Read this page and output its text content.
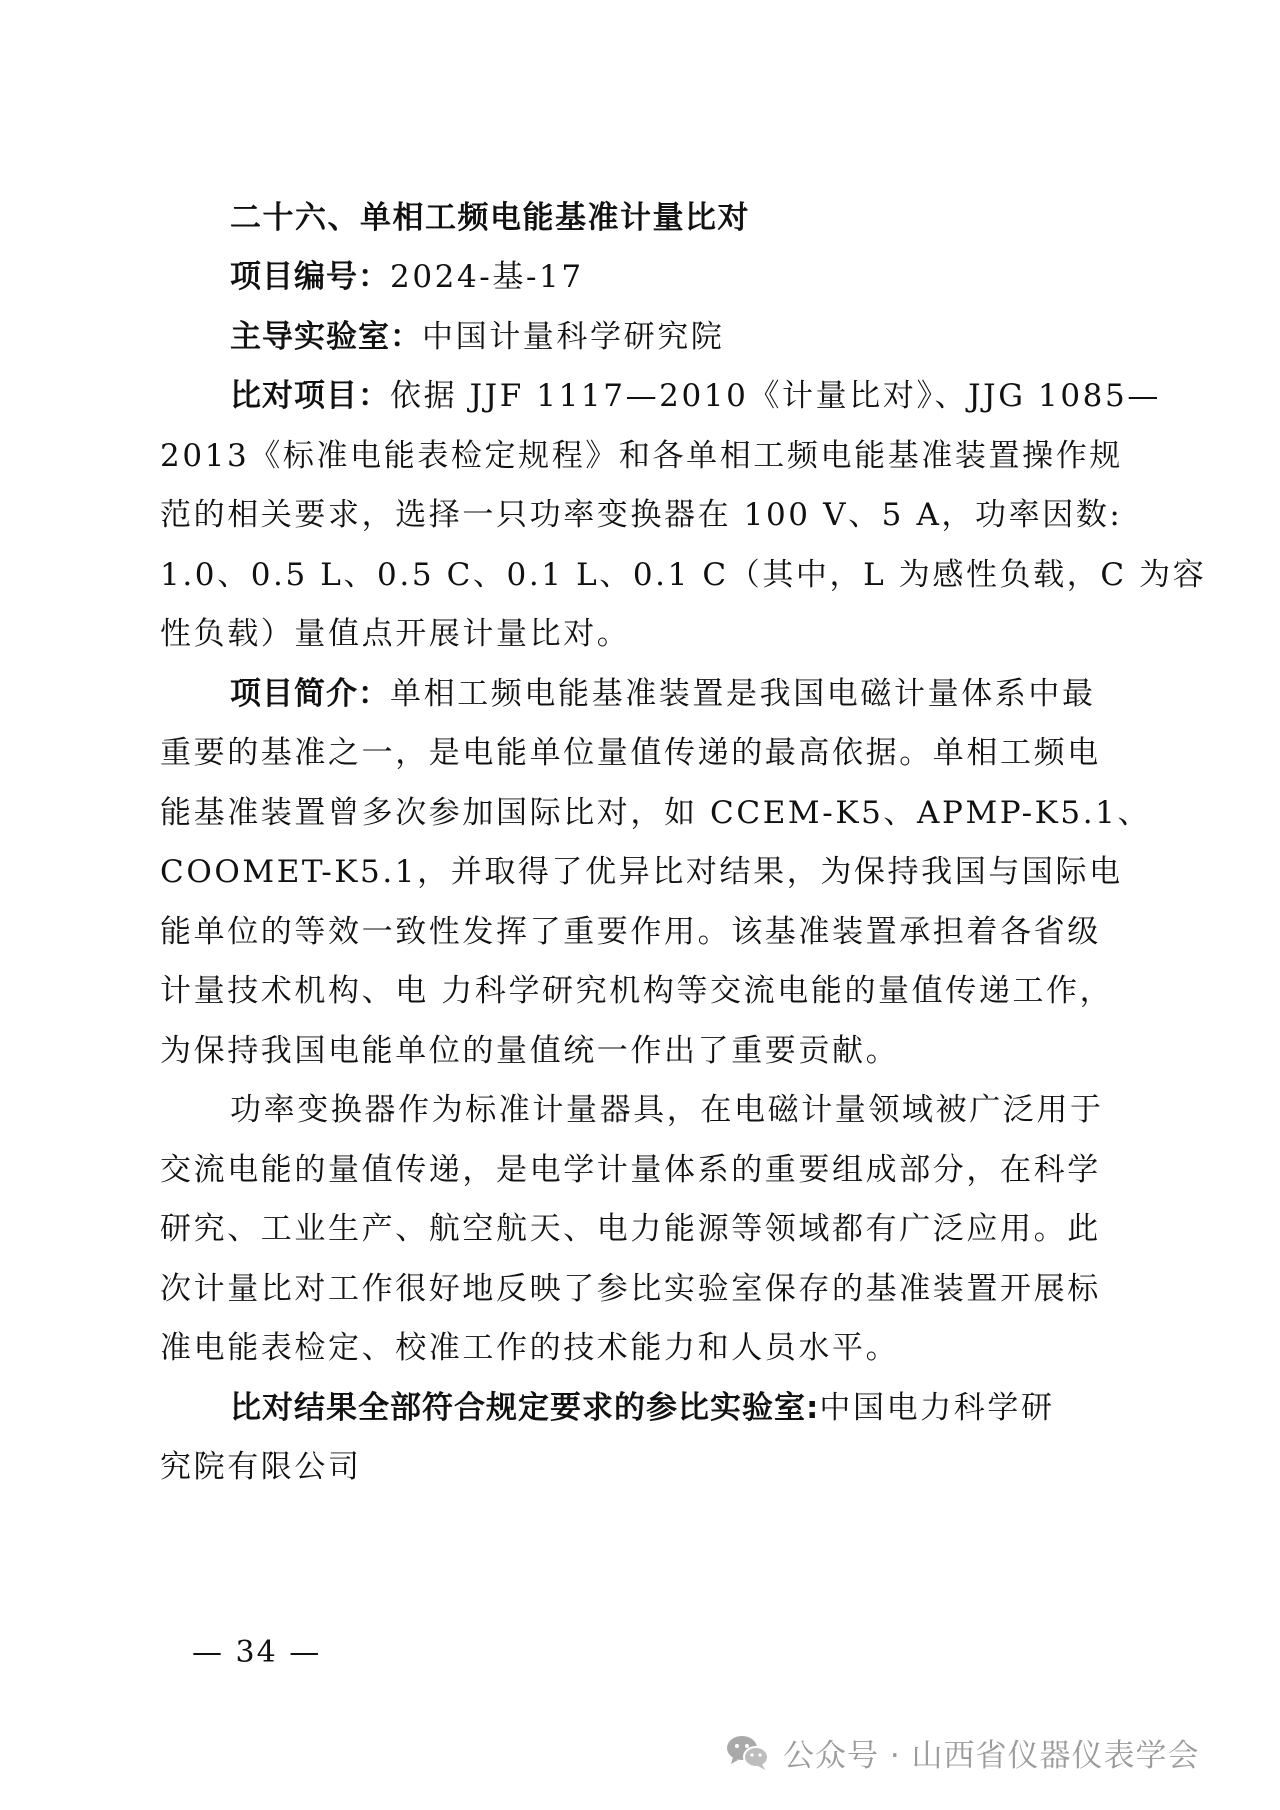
二十六、单相工频电能基准计量比对
项目编号：2024-基-17
主导实验室：中国计量科学研究院
比对项目：依据 JJF 1117—2010《计量比对》、JJG 1085—
2013《标准电能表检定规程》和各单相工频电能基准装置操作规
范的相关要求，选择一只功率变换器在 100 V、5 A，功率因数:
1.0、0.5 L、0.5 C、0.1 L、0.1 C（其中，L 为感性负载，C 为容
性负载）量值点开展计量比对。
项目简介：单相工频电能基准装置是我国电磁计量体系中最
重要的基准之一，是电能单位量值传递的最高依据。单相工频电
能基准装置曾多次参加国际比对，如 CCEM-K5、APMP-K5.1、
COOMET-K5.1，并取得了优异比对结果，为保持我国与国际电
能单位的等效一致性发挥了重要作用。该基准装置承担着各省级
计量技术机构、电 力科学研究机构等交流电能的量值传递工作，
为保持我国电能单位的量值统一作出了重要贡献。
功率变换器作为标准计量器具，在电磁计量领域被广泛用于
交流电能的量值传递，是电学计量体系的重要组成部分，在科学
研究、工业生产、航空航天、电力能源等领域都有广泛应用。此
次计量比对工作很好地反映了参比实验室保存的基准装置开展标
准电能表检定、校准工作的技术能力和人员水平。
比对结果全部符合规定要求的参比实验室:中国电力科学研
究院有限公司
— 34 —
公众号 · 山西省仪器仪表学会
